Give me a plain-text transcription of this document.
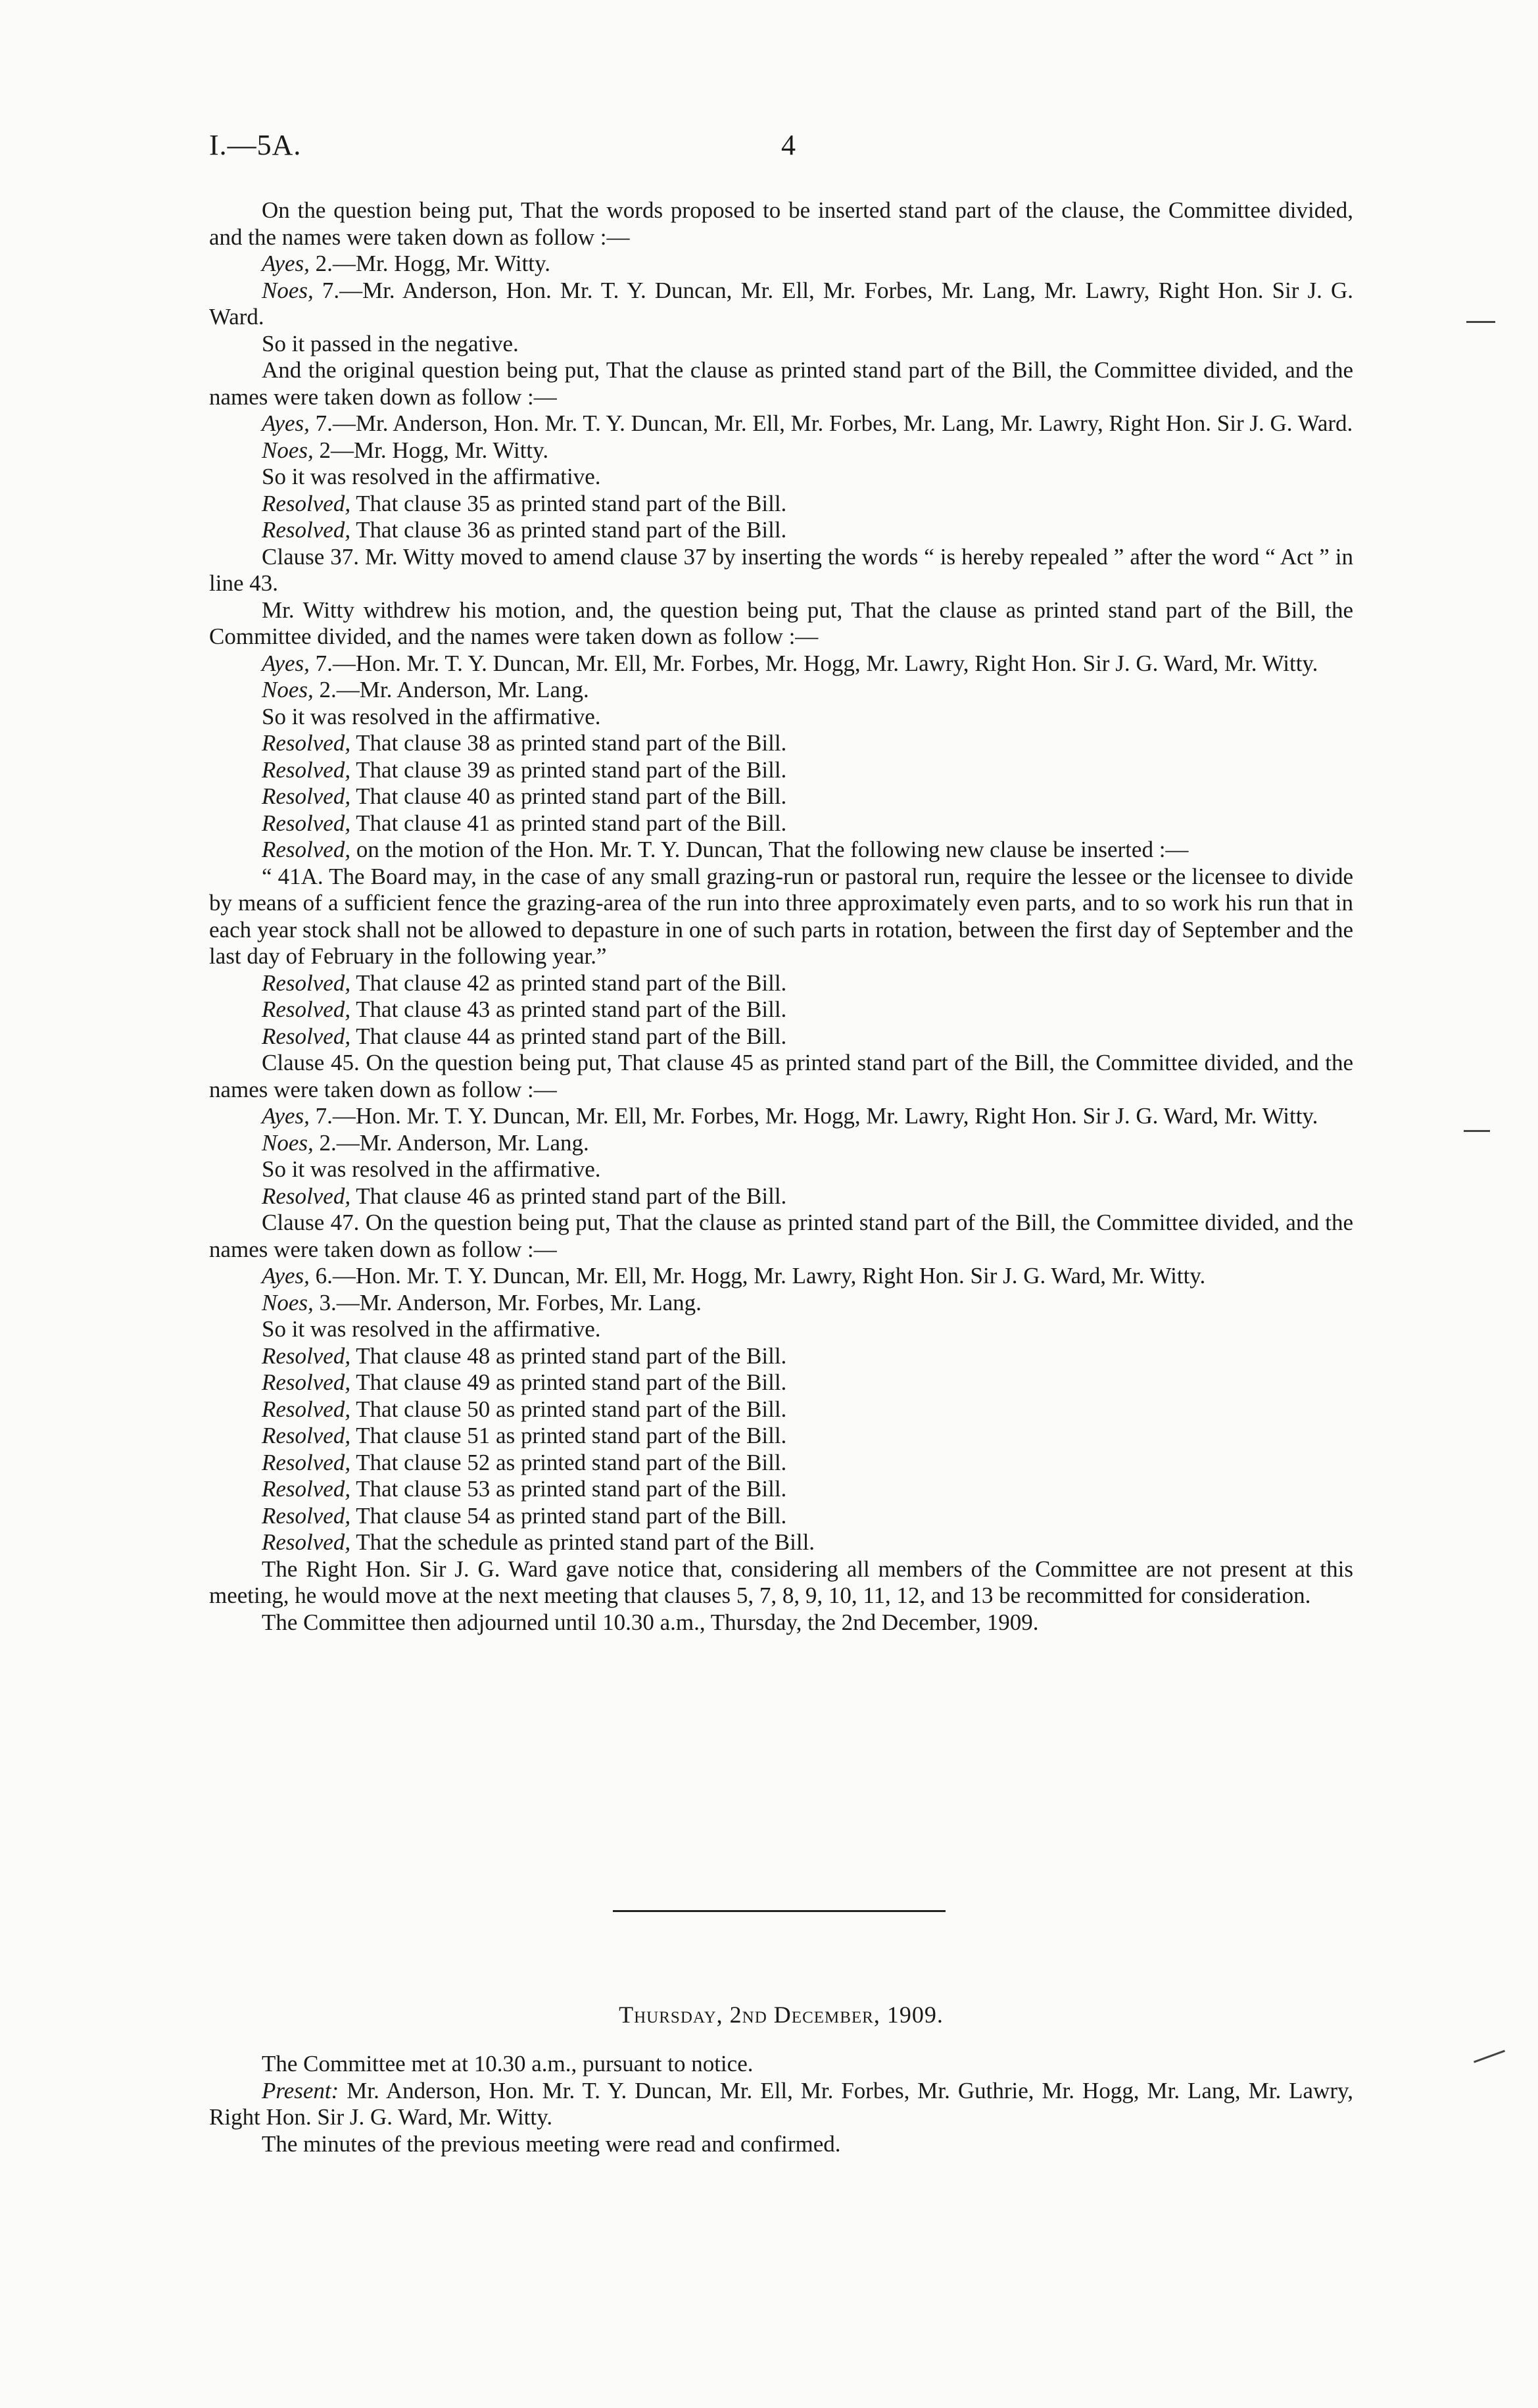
I.—5A.	4

On the question being put, That the words proposed to be inserted stand part of the clause, the Committee divided, and the names were taken down as follow :—

Ayes, 2.—Mr. Hogg, Mr. Witty.

Noes, 7.—Mr. Anderson, Hon. Mr. T. Y. Duncan, Mr. Ell, Mr. Forbes, Mr. Lang, Mr. Lawry, Right Hon. Sir J. G. Ward.

So it passed in the negative.

And the original question being put, That the clause as printed stand part of the Bill, the Committee divided, and the names were taken down as follow :—

Ayes, 7.—Mr. Anderson, Hon. Mr. T. Y. Duncan, Mr. Ell, Mr. Forbes, Mr. Lang, Mr. Lawry, Right Hon. Sir J. G. Ward.

Noes, 2—Mr. Hogg, Mr. Witty.

So it was resolved in the affirmative.

Resolved, That clause 35 as printed stand part of the Bill.

Resolved, That clause 36 as printed stand part of the Bill.

Clause 37. Mr. Witty moved to amend clause 37 by inserting the words “ is hereby repealed ” after the word “ Act ” in line 43.

Mr. Witty withdrew his motion, and, the question being put, That the clause as printed stand part of the Bill, the Committee divided, and the names were taken down as follow :—

Ayes, 7.—Hon. Mr. T. Y. Duncan, Mr. Ell, Mr. Forbes, Mr. Hogg, Mr. Lawry, Right Hon. Sir J. G. Ward, Mr. Witty.

Noes, 2.—Mr. Anderson, Mr. Lang.

So it was resolved in the affirmative.

Resolved, That clause 38 as printed stand part of the Bill.

Resolved, That clause 39 as printed stand part of the Bill.

Resolved, That clause 40 as printed stand part of the Bill.

Resolved, That clause 41 as printed stand part of the Bill.

Resolved, on the motion of the Hon. Mr. T. Y. Duncan, That the following new clause be inserted :—

“ 41A. The Board may, in the case of any small grazing-run or pastoral run, require the lessee or the licensee to divide by means of a sufficient fence the grazing-area of the run into three approximately even parts, and to so work his run that in each year stock shall not be allowed to depasture in one of such parts in rotation, between the first day of September and the last day of February in the following year.”

Resolved, That clause 42 as printed stand part of the Bill.

Resolved, That clause 43 as printed stand part of the Bill.

Resolved, That clause 44 as printed stand part of the Bill.

Clause 45. On the question being put, That clause 45 as printed stand part of the Bill, the Committee divided, and the names were taken down as follow :—

Ayes, 7.—Hon. Mr. T. Y. Duncan, Mr. Ell, Mr. Forbes, Mr. Hogg, Mr. Lawry, Right Hon. Sir J. G. Ward, Mr. Witty.

Noes, 2.—Mr. Anderson, Mr. Lang.

So it was resolved in the affirmative.

Resolved, That clause 46 as printed stand part of the Bill.

Clause 47. On the question being put, That the clause as printed stand part of the Bill, the Committee divided, and the names were taken down as follow :—

Ayes, 6.—Hon. Mr. T. Y. Duncan, Mr. Ell, Mr. Hogg, Mr. Lawry, Right Hon. Sir J. G. Ward, Mr. Witty.

Noes, 3.—Mr. Anderson, Mr. Forbes, Mr. Lang.

So it was resolved in the affirmative.

Resolved, That clause 48 as printed stand part of the Bill.

Resolved, That clause 49 as printed stand part of the Bill.

Resolved, That clause 50 as printed stand part of the Bill.

Resolved, That clause 51 as printed stand part of the Bill.

Resolved, That clause 52 as printed stand part of the Bill.

Resolved, That clause 53 as printed stand part of the Bill.

Resolved, That clause 54 as printed stand part of the Bill.

Resolved, That the schedule as printed stand part of the Bill.

The Right Hon. Sir J. G. Ward gave notice that, considering all members of the Committee are not present at this meeting, he would move at the next meeting that clauses 5, 7, 8, 9, 10, 11, 12, and 13 be recommitted for consideration.

The Committee then adjourned until 10.30 a.m., Thursday, the 2nd December, 1909.

Thursday, 2nd December, 1909.

The Committee met at 10.30 a.m., pursuant to notice.

Present: Mr. Anderson, Hon. Mr. T. Y. Duncan, Mr. Ell, Mr. Forbes, Mr. Guthrie, Mr. Hogg, Mr. Lang, Mr. Lawry, Right Hon. Sir J. G. Ward, Mr. Witty.

The minutes of the previous meeting were read and confirmed.
